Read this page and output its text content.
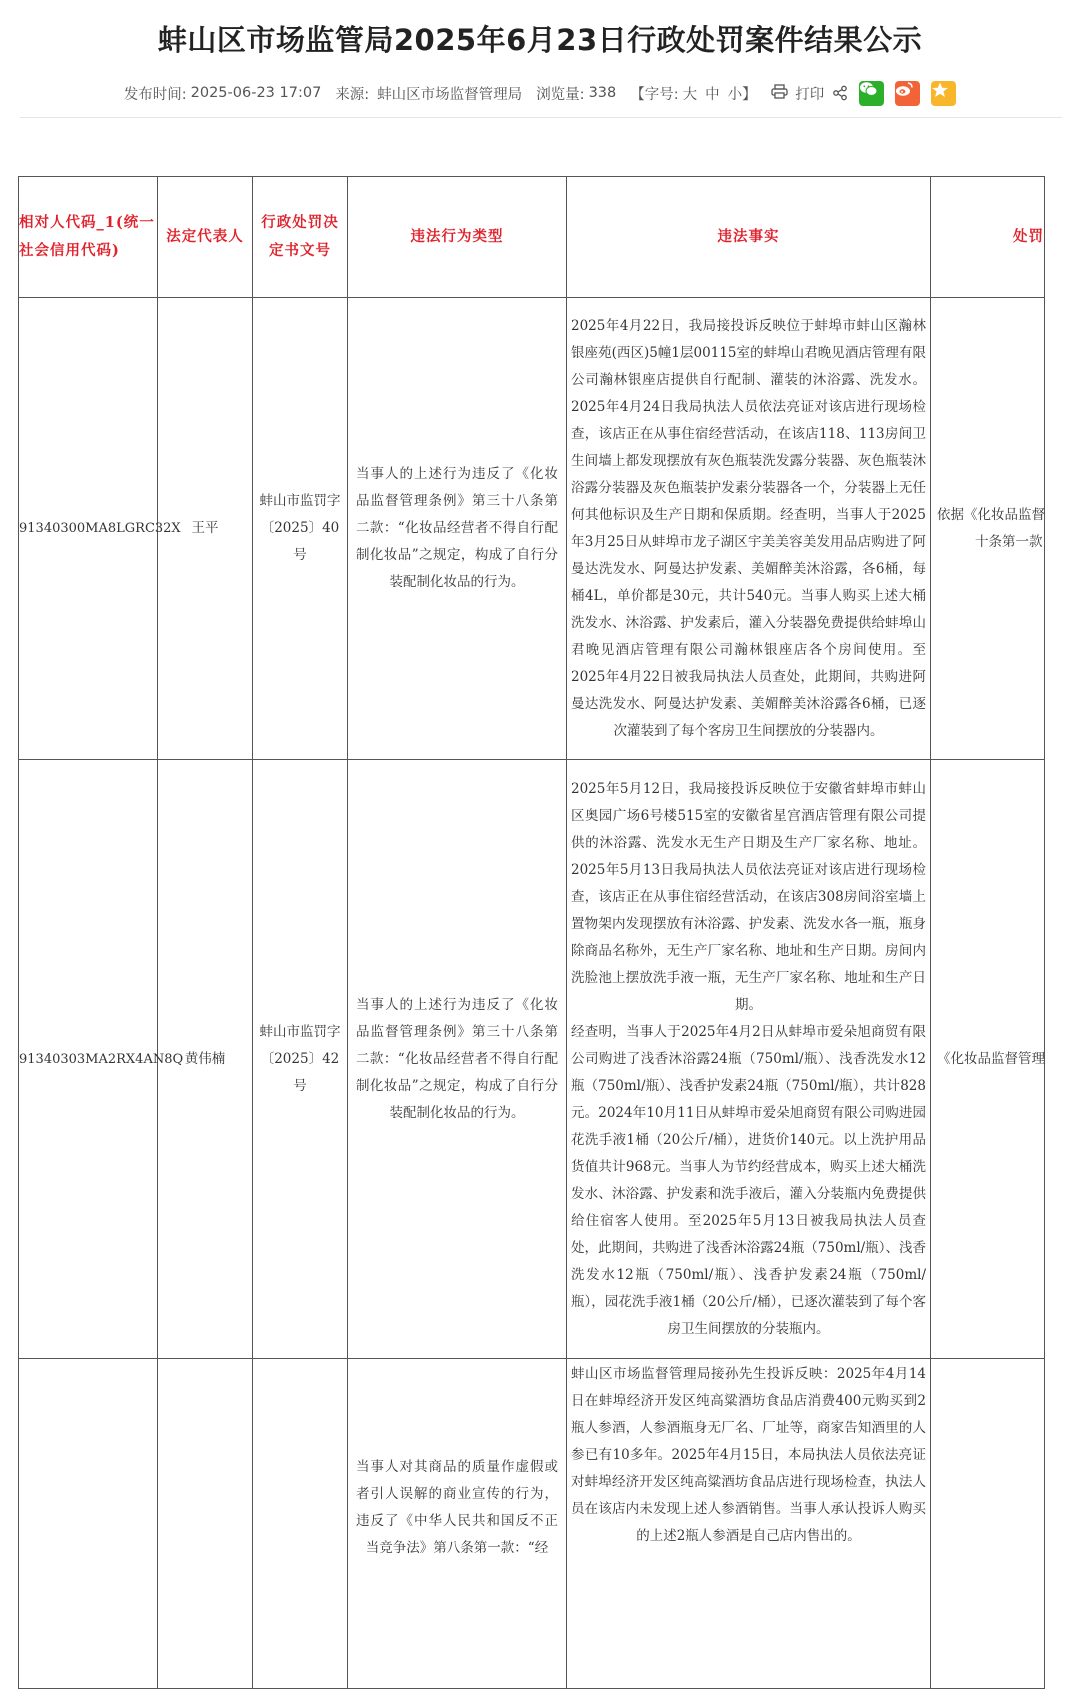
蚌山区市场监管局2025年6月23日行政处罚案件结果公示
发布时间: 2025-06-23 17:07 来源: 蚌山区市场监督管理局 浏览量: 338 【字号: 大 中 小】	打印
相对人代码_1(统一社会信用代码)	法定代表人	行政处罚决定书文号	违法行为类型	违法事实	处罚

91340300MA8LGRC32X	王平	蚌山市监罚字〔2025〕40号	当事人的上述行为违反了《化妆品监督管理条例》第三十八条第二款：“化妆品经营者不得自行配制化妆品”之规定，构成了自行分装配制化妆品的行为。	2025年4月22日，我局接投诉反映位于蚌埠市蚌山区瀚林银座苑(西区)5幢1层00115室的蚌埠山君晚见酒店管理有限公司瀚林银座店提供自行配制、灌装的沐浴露、洗发水。2025年4月24日我局执法人员依法亮证对该店进行现场检查，该店正在从事住宿经营活动，在该店118、113房间卫生间墙上都发现摆放有灰色瓶装洗发露分装器、灰色瓶装沐浴露分装器及灰色瓶装护发素分装器各一个，分装器上无任何其他标识及生产日期和保质期。经查明，当事人于2025年3月25日从蚌埠市龙子湖区宇美美容美发用品店购进了阿曼达洗发水、阿曼达护发素、美媚醉美沐浴露，各6桶，每桶4L，单价都是30元，共计540元。当事人购买上述大桶洗发水、沐浴露、护发素后，灌入分装器免费提供给蚌埠山君晚见酒店管理有限公司瀚林银座店各个房间使用。至2025年4月22日被我局执法人员查处，此期间，共购进阿曼达洗发水、阿曼达护发素、美媚醉美沐浴露各6桶，已逐次灌装到了每个客房卫生间摆放的分装器内。	依据《化妆品监督
十条第一款

91340303MA2RX4AN8Q	黄伟楠	蚌山市监罚字〔2025〕42号	当事人的上述行为违反了《化妆品监督管理条例》第三十八条第二款：“化妆品经营者不得自行配制化妆品”之规定，构成了自行分装配制化妆品的行为。	2025年5月12日，我局接投诉反映位于安徽省蚌埠市蚌山区奥园广场6号楼515室的安徽省星宫酒店管理有限公司提供的沐浴露、洗发水无生产日期及生产厂家名称、地址。2025年5月13日我局执法人员依法亮证对该店进行现场检查，该店正在从事住宿经营活动，在该店308房间浴室墙上置物架内发现摆放有沐浴露、护发素、洗发水各一瓶，瓶身除商品名称外，无生产厂家名称、地址和生产日期。房间内洗脸池上摆放洗手液一瓶，无生产厂家名称、地址和生产日期。
经查明，当事人于2025年4月2日从蚌埠市爱朵旭商贸有限公司购进了浅香沐浴露24瓶（750ml/瓶）、浅香洗发水12瓶（750ml/瓶）、浅香护发素24瓶（750ml/瓶），共计828元。2024年10月11日从蚌埠市爱朵旭商贸有限公司购进园花洗手液1桶（20公斤/桶），进货价140元。以上洗护用品货值共计968元。当事人为节约经营成本，购买上述大桶洗发水、沐浴露、护发素和洗手液后，灌入分装瓶内免费提供给住宿客人使用。至2025年5月13日被我局执法人员查处，此期间，共购进了浅香沐浴露24瓶（750ml/瓶）、浅香洗发水12瓶（750ml/瓶）、浅香护发素24瓶（750ml/瓶），园花洗手液1桶（20公斤/桶），已逐次灌装到了每个客房卫生间摆放的分装瓶内。	《化妆品监督管理
			当事人对其商品的质量作虚假或者引人误解的商业宣传的行为，违反了《中华人民共和国反不正当竞争法》第八条第一款：“经	蚌山区市场监督管理局接孙先生投诉反映：2025年4月14日在蚌埠经济开发区纯高粱酒坊食品店消费400元购买到2瓶人参酒，人参酒瓶身无厂名、厂址等，商家告知酒里的人参已有10多年。2025年4月15日，本局执法人员依法亮证对蚌埠经济开发区纯高粱酒坊食品店进行现场检查，执法人员在该店内未发现上述人参酒销售。当事人承认投诉人购买的上述2瓶人参酒是自己店内售出的。	
